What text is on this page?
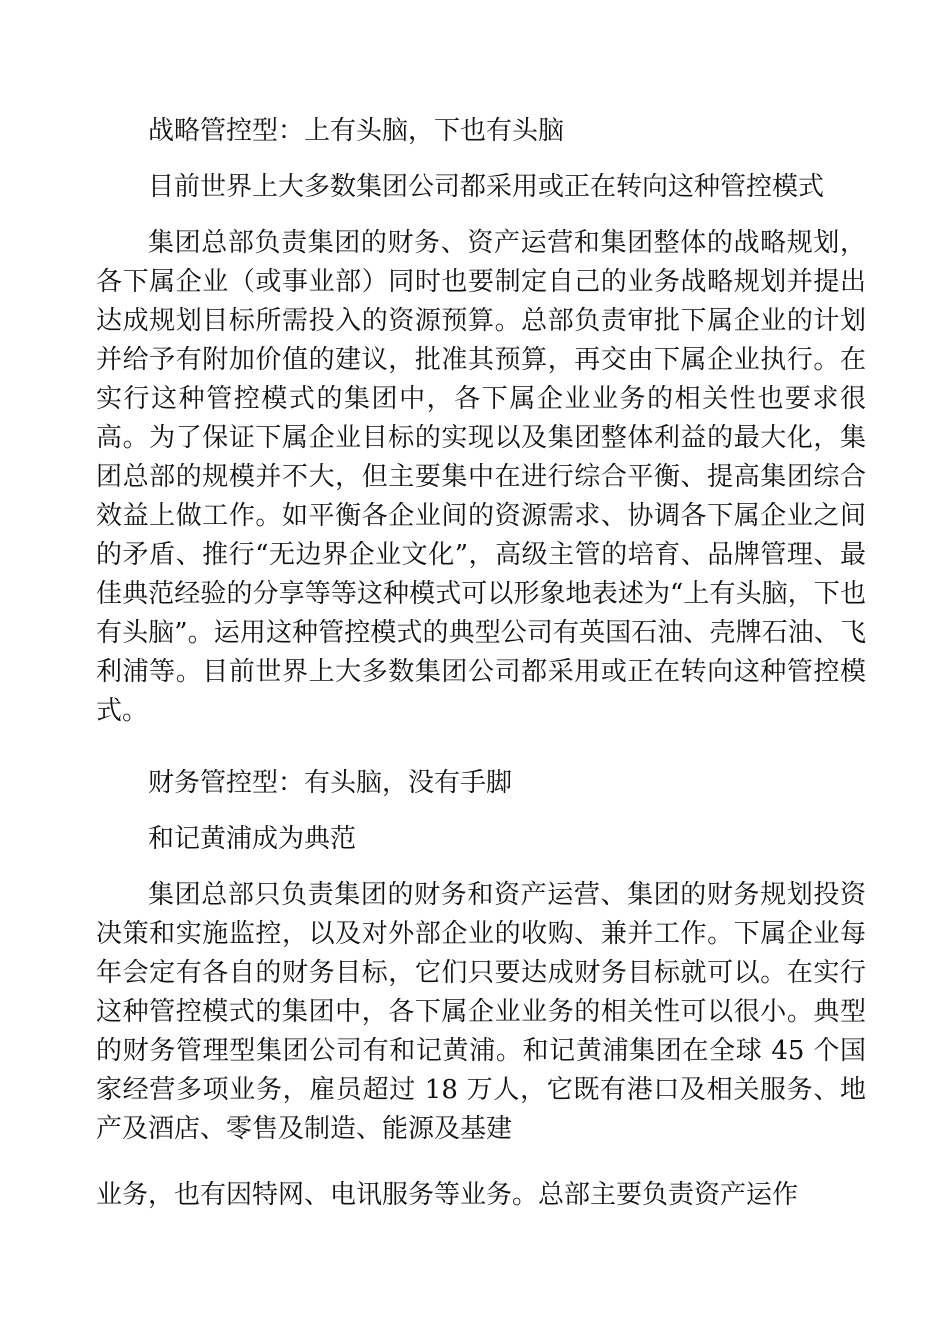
战略管控型：上有头脑，下也有头脑

目前世界上大多数集团公司都采用或正在转向这种管控模式

集团总部负责集团的财务、资产运营和集团整体的战略规划，各下属企业（或事业部）同时也要制定自己的业务战略规划并提出达成规划目标所需投入的资源预算。总部负责审批下属企业的计划并给予有附加价值的建议，批准其预算，再交由下属企业执行。在实行这种管控模式的集团中，各下属企业业务的相关性也要求很高。为了保证下属企业目标的实现以及集团整体利益的最大化，集团总部的规模并不大，但主要集中在进行综合平衡、提高集团综合效益上做工作。如平衡各企业间的资源需求、协调各下属企业之间的矛盾、推行“无边界企业文化”，高级主管的培育、品牌管理、最佳典范经验的分享等等这种模式可以形象地表述为“上有头脑，下也有头脑”。运用这种管控模式的典型公司有英国石油、壳牌石油、飞利浦等。目前世界上大多数集团公司都采用或正在转向这种管控模式。

财务管控型：有头脑，没有手脚

和记黄浦成为典范

集团总部只负责集团的财务和资产运营、集团的财务规划投资决策和实施监控，以及对外部企业的收购、兼并工作。下属企业每年会定有各自的财务目标，它们只要达成财务目标就可以。在实行这种管控模式的集团中，各下属企业业务的相关性可以很小。典型的财务管理型集团公司有和记黄浦。和记黄浦集团在全球 45 个国家经营多项业务，雇员超过 18 万人，它既有港口及相关服务、地产及酒店、零售及制造、能源及基建

业务，也有因特网、电讯服务等业务。总部主要负责资产运作
